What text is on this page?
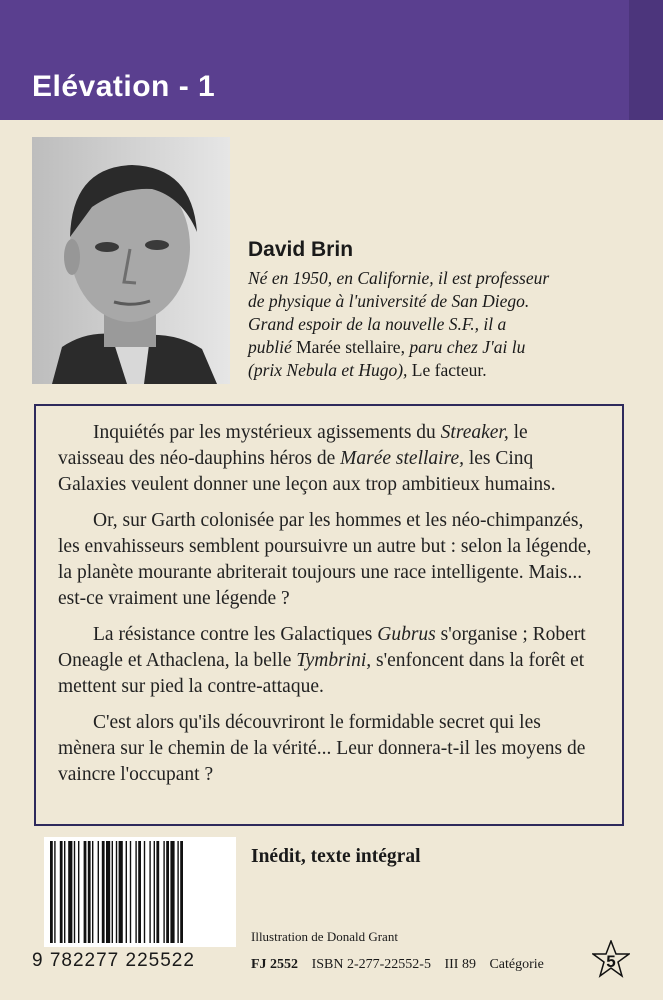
Elévation - 1
David Brin
Né en 1950, en Californie, il est professeur
de physique à l'université de San Diego.
Grand espoir de la nouvelle S.F., il a
publié Marée stellaire, paru chez J'ai lu
(prix Nebula et Hugo), Le facteur.

Inquiétés par les mystérieux agissements du Streaker, le vaisseau des néo-dauphins héros de Marée stellaire, les Cinq Galaxies veulent donner une leçon aux trop ambitieux humains.

Or, sur Garth colonisée par les hommes et les néo-chimpanzés, les envahisseurs semblent poursuivre un autre but : selon la légende, la planète mourante abriterait toujours une race intelligente. Mais... est-ce vraiment une légende ?

La résistance contre les Galactiques Gubrus s'organise ; Robert Oneagle et Athaclena, la belle Tymbrini, s'enfoncent dans la forêt et mettent sur pied la contre-attaque.

C'est alors qu'ils découvriront le formidable secret qui les mènera sur le chemin de la vérité... Leur donnera-t-il les moyens de vaincre l'occupant ?

9 782277 225522
Inédit, texte intégral
Illustration de Donald Grant
FJ 2552 ISBN 2-277-22552-5 III 89 Catégorie	5
